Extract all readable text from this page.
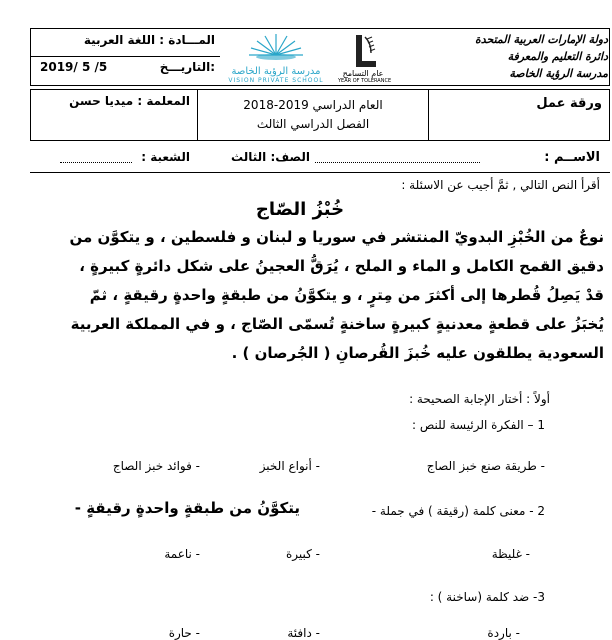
المـــادة : اللغة العربية
التاريـــخ:
2019/ 5 /5	مدرسة الرؤية الخاصة
VISION PRIVATE SCHOOL
عام التسامح
YEAR OF TOLERANCE
دولة الإمارات العربية المتحدة
دائرة التعليم والمعرفة
مدرسة الرؤية الخاصة
المعلمة : ميديا حسن	العام الدراسي 2019-2018
الفصل الدراسي الثالث
ورقة عمل
الاســم :
الصف: الثالث
الشعبة :
أقرأ النص التالي , ثمَّ أجيب عن الاسئلة :
خُبْزُ الصّاج
نوعٌ من الخُبْزِ البدويّ المنتشر في سوريا و لبنان و فلسطين ، و يتكوَّن من
دقيق القمح الكامل و الماء و الملح ، يُرَقُّ العجينُ على شكل دائرةٍ كبيرةٍ ،
قدْ يَصِلُ قُطرها إلى أكثرَ من مِترٍ ، و يتكوَّنُ من طبقةٍ واحدةٍ رقيقةٍ ، ثمّ
يُخبَزُ على قطعةٍ معدنيةٍ كبيرةٍ ساخنةٍ تُسمّى الصّاج ، و في المملكة العربية
السعودية يطلقون عليه خُبزَ القُرصانِ ( الجُرصان ) .
أولاً : أختار الإجابة الصحيحة :
1 – الفكرة الرئيسة للنص :
- طريقة صنع خبز الصاج
- أنواع الخبز
- فوائد خبز الصاج
2 - معنى كلمة (رقيقة ) في جملة -
يتكوَّنُ من طبقةٍ واحدةٍ رقيقةٍ -
- غليظة
- كبيرة
- ناعمة
3- ضد كلمة (ساخنة ) :
- باردة
- دافئة
- حارة
